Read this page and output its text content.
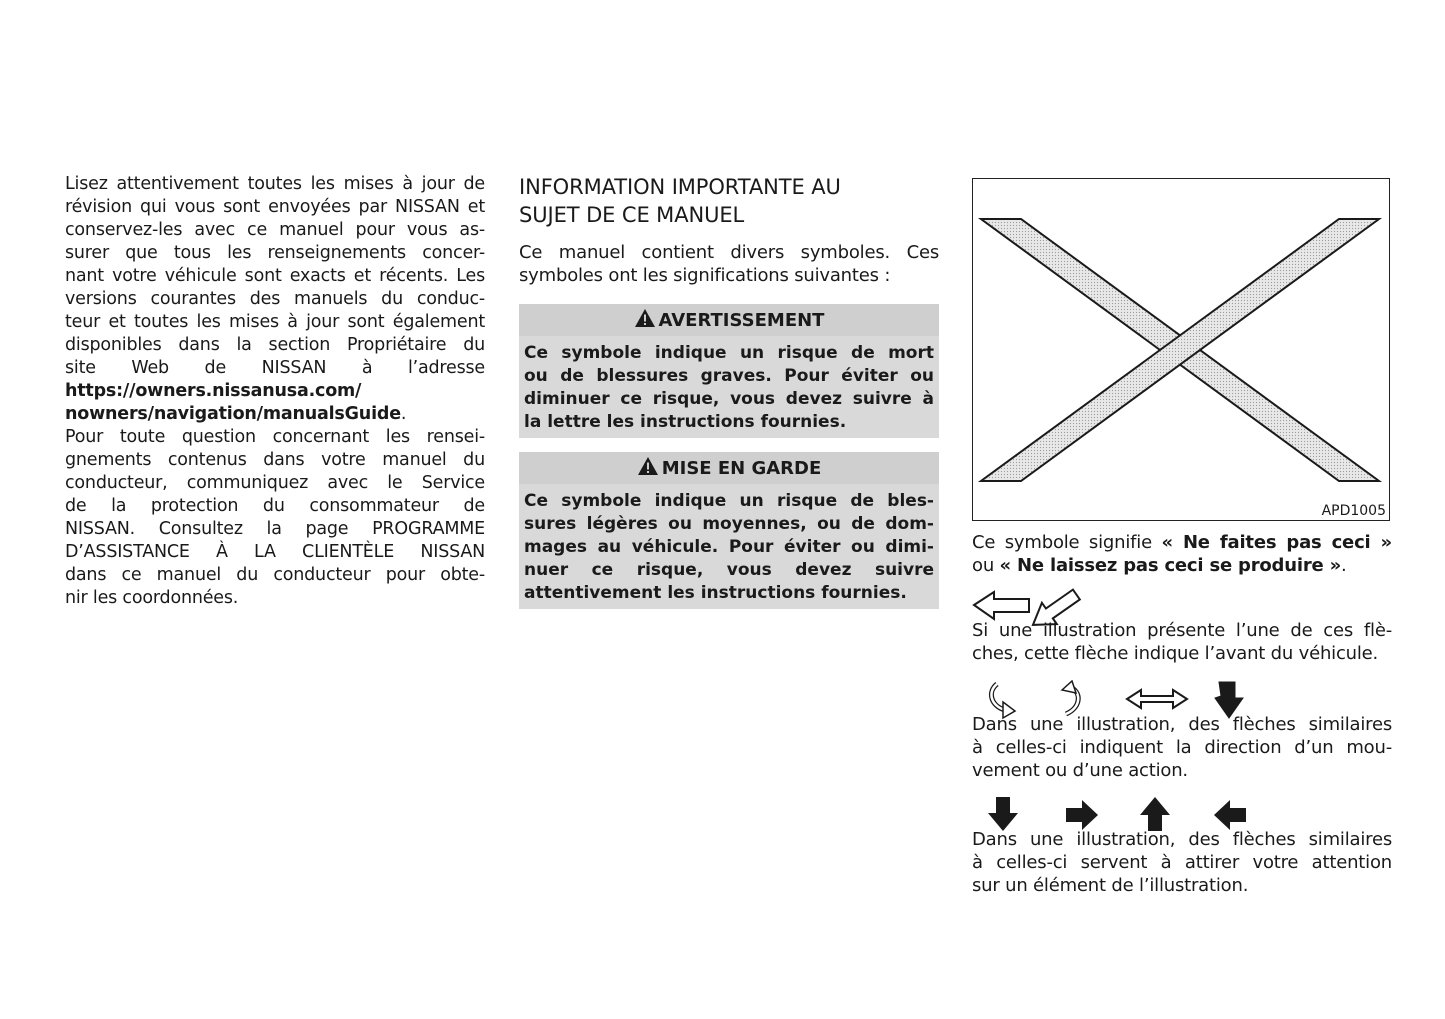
Lisez attentivement toutes les mises à jour de

révision qui vous sont envoyées par NISSAN et

conservez-les avec ce manuel pour vous as-

surer que tous les renseignements concer-

nant votre véhicule sont exacts et récents. Les

versions courantes des manuels du conduc-

teur et toutes les mises à jour sont également

disponibles dans la section Propriétaire du

site Web de NISSAN à l’adresse

https://owners.nissanusa.com/

nowners/navigation/manualsGuide.

Pour toute question concernant les rensei-

gnements contenus dans votre manuel du

conducteur, communiquez avec le Service

de la protection du consommateur de

NISSAN. Consultez la page PROGRAMME

D’ASSISTANCE À LA CLIENTÈLE NISSAN

dans ce manuel du conducteur pour obte-

nir les coordonnées.

INFORMATION IMPORTANTE AU
SUJET DE CE MANUEL

Ce manuel contient divers symboles. Ces

symboles ont les significations suivantes :

AVERTISSEMENT
Ce symbole indique un risque de mort
ou de blessures graves. Pour éviter ou
diminuer ce risque, vous devez suivre à
la lettre les instructions fournies.
MISE EN GARDE
Ce symbole indique un risque de bles-
sures légères ou moyennes, ou de dom-
mages au véhicule. Pour éviter ou dimi-
nuer ce risque, vous devez suivre
attentivement les instructions fournies.
APD1005

Ce symbole signifie « Ne faites pas ceci »

ou « Ne laissez pas ceci se produire ».

Si une illustration présente l’une de ces flè-

ches, cette flèche indique l’avant du véhicule.

Dans une illustration, des flèches similaires

à celles-ci indiquent la direction d’un mou-

vement ou d’une action.

Dans une illustration, des flèches similaires

à celles-ci servent à attirer votre attention

sur un élément de l’illustration.
